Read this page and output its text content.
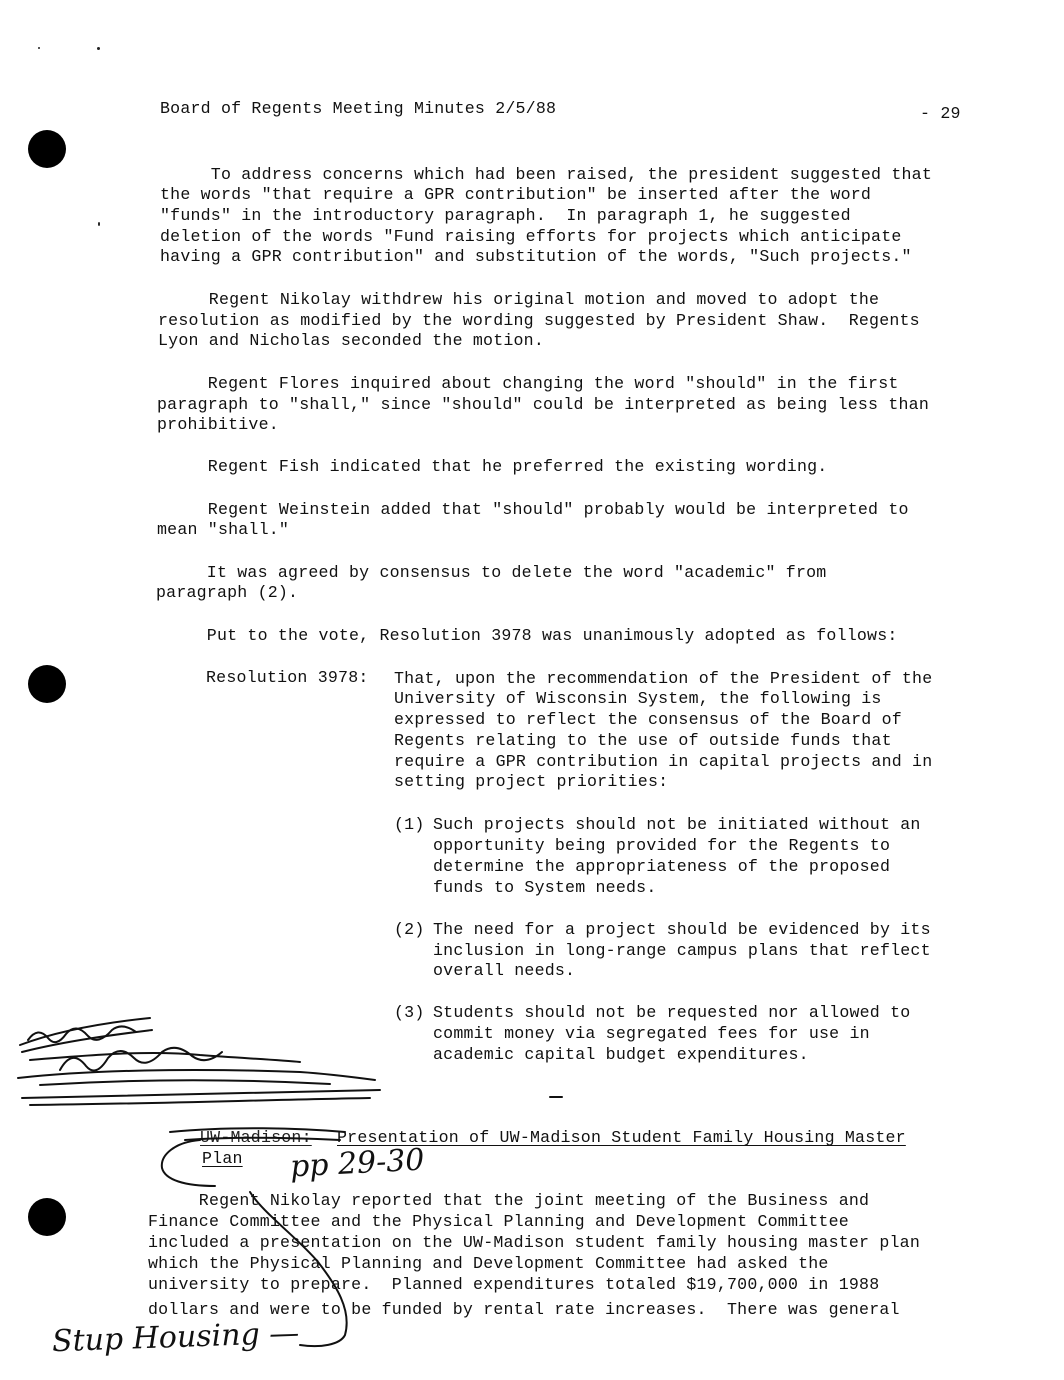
Board of Regents Meeting Minutes 2/5/88	- 29
To address concerns which had been raised, the president suggested that
the words "that require a GPR contribution" be inserted after the word
"funds" in the introductory paragraph.  In paragraph 1, he suggested
deletion of the words "Fund raising efforts for projects which anticipate
having a GPR contribution" and substitution of the words, "Such projects."
Regent Nikolay withdrew his original motion and moved to adopt the
resolution as modified by the wording suggested by President Shaw.  Regents
Lyon and Nicholas seconded the motion.
Regent Flores inquired about changing the word "should" in the first
paragraph to "shall," since "should" could be interpreted as being less than
prohibitive.
Regent Fish indicated that he preferred the existing wording.
Regent Weinstein added that "should" probably would be interpreted to
mean "shall."
It was agreed by consensus to delete the word "academic" from
paragraph (2).
Put to the vote, Resolution 3978 was unanimously adopted as follows:
Resolution 3978: That, upon the recommendation of the President of the
University of Wisconsin System, the following is
expressed to reflect the consensus of the Board of
Regents relating to the use of outside funds that
require a GPR contribution in capital projects and in
setting project priorities:
(1) Such projects should not be initiated without an
opportunity being provided for the Regents to
determine the appropriateness of the proposed
funds to System needs.
(2) The need for a project should be evidenced by its
inclusion in long-range campus plans that reflect
overall needs.
(3) Students should not be requested nor allowed to
commit money via segregated fees for use in
academic capital budget expenditures.
UW-Madison: Presentation of UW-Madison Student Family Housing Master
Plan
Regent Nikolay reported that the joint meeting of the Business and
Finance Committee and the Physical Planning and Development Committee
included a presentation on the UW-Madison student family housing master plan
which the Physical Planning and Development Committee had asked the
university to prepare.  Planned expenditures totaled $19,700,000 in 1988
dollars and were to be funded by rental rate increases.  There was general
pp 29-30
Stup Housing —
